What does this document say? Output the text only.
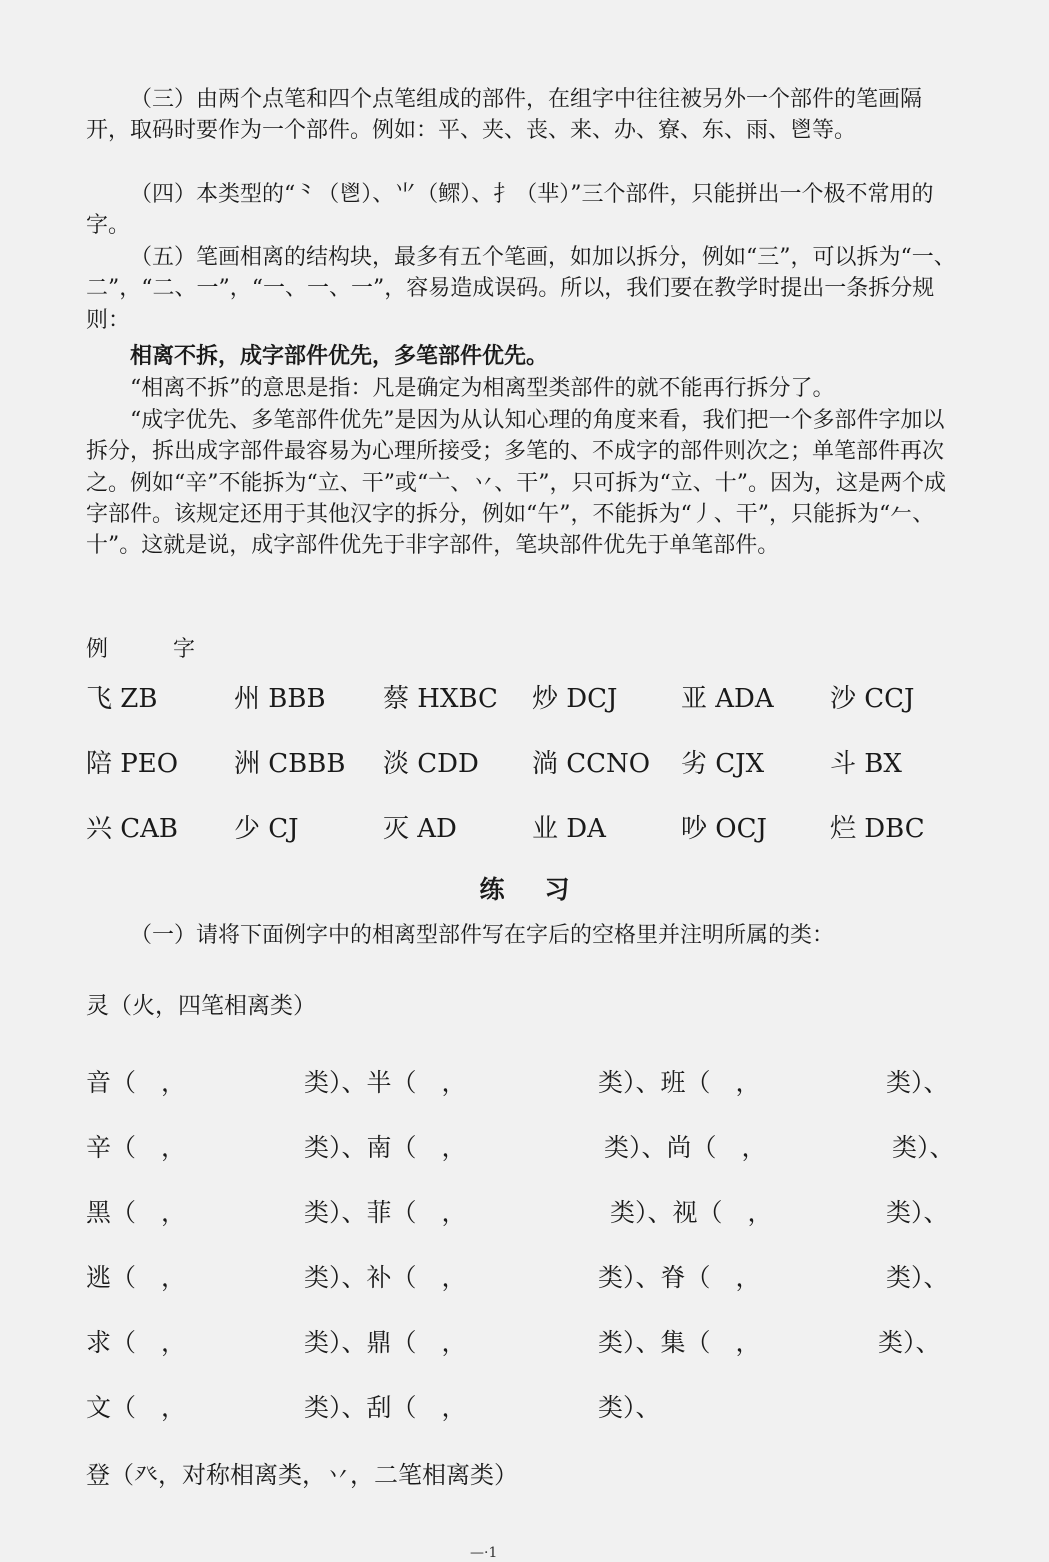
（三）由两个点笔和四个点笔组成的部件，在组字中往往被另外一个部件的笔画隔开，取码时要作为一个部件。例如：平、夹、丧、来、办、寮、东、雨、鬯等。

（四）本类型的“⺀（鬯）、⺌（鳏）、⺘（芈）”三个部件，只能拼出一个极不常用的字。

（五）笔画相离的结构块，最多有五个笔画，如加以拆分，例如“三”，可以拆为“一、二”，“二、一”，“一、一、一”，容易造成误码。所以，我们要在教学时提出一条拆分规则：

相离不拆，成字部件优先，多笔部件优先。

“相离不拆”的意思是指：凡是确定为相离型类部件的就不能再行拆分了。

“成字优先、多笔部件优先”是因为从认知心理的角度来看，我们把一个多部件字加以拆分，拆出成字部件最容易为心理所接受；多笔的、不成字的部件则次之；单笔部件再次之。例如“辛”不能拆为“立、干”或“亠、丷、干”，只可拆为“立、十”。因为，这是两个成字部件。该规定还用于其他汉字的拆分，例如“午”，不能拆为“丿、干”，只能拆为“𠂉、十”。这就是说，成字部件优先于非字部件，笔块部件优先于单笔部件。

例	字
飞 ZB	州 BBB 蔡 HXBC 炒 DCJ 亚 ADA 沙 CCJ
陪 PEO 洲 CBBB 淡 CDD 淌 CCNO 劣 CJX	斗 BX
兴 CAB 少 CJ	灭 AD	业 DA	吵 OCJ 烂 DBC
练习

（一）请将下面例字中的相离型部件写在字后的空格里并注明所属的类：

灵（火，四笔相离类）
音（　，	类）、半（　，	类）、班（　，	类）、
辛（　，	类）、南（　，	类）、尚（　，	类）、
黑（　，	类）、菲（　，	类）、视（　，	类）、
逃（　，	类）、补（　，	类）、脊（　，	类）、
求（　，	类）、鼎（　，	类）、集（　，	类）、
文（　，	类）、刮（　，	类）、
登（癶，对称相离类，丷，二笔相离类）
—·1
